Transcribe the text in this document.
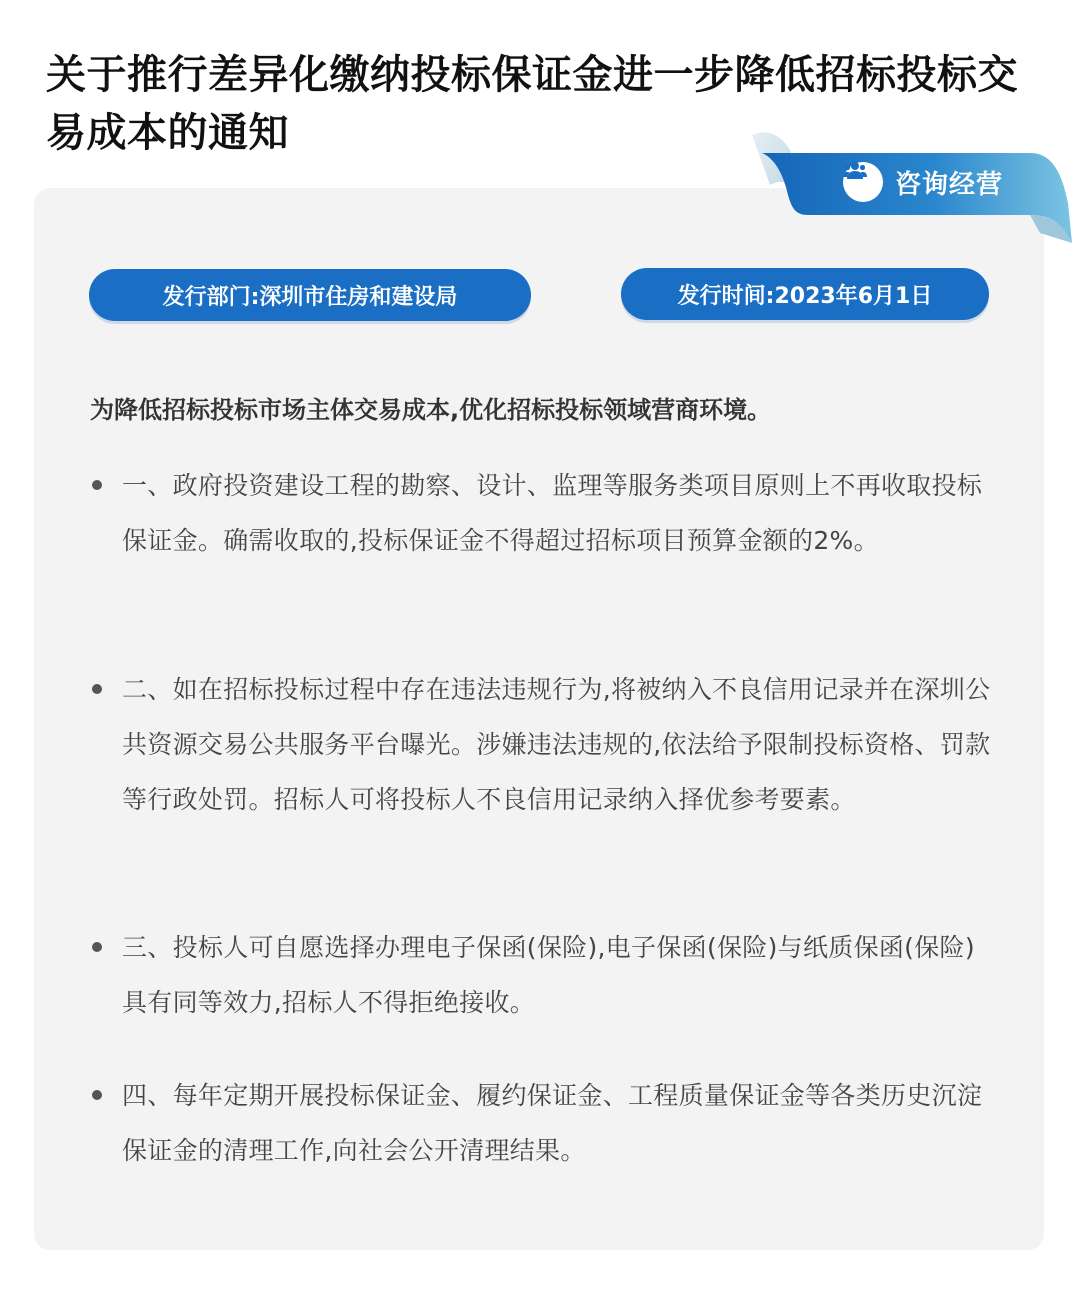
关于推行差异化缴纳投标保证金进一步降低招标投标交易成本的通知
咨询经营
发行部门:深圳市住房和建设局	发行时间:2023年6月1日

为降低招标投标市场主体交易成本,优化招标投标领域营商环境。

一、政府投资建设工程的勘察、设计、监理等服务类项目原则上不再收取投标保证金。确需收取的,投标保证金不得超过招标项目预算金额的2%。

二、如在招标投标过程中存在违法违规行为,将被纳入不良信用记录并在深圳公共资源交易公共服务平台曝光。涉嫌违法违规的,依法给予限制投标资格、罚款等行政处罚。招标人可将投标人不良信用记录纳入择优参考要素。

三、投标人可自愿选择办理电子保函(保险),电子保函(保险)与纸质保函(保险)具有同等效力,招标人不得拒绝接收。

四、每年定期开展投标保证金、履约保证金、工程质量保证金等各类历史沉淀保证金的清理工作,向社会公开清理结果。
